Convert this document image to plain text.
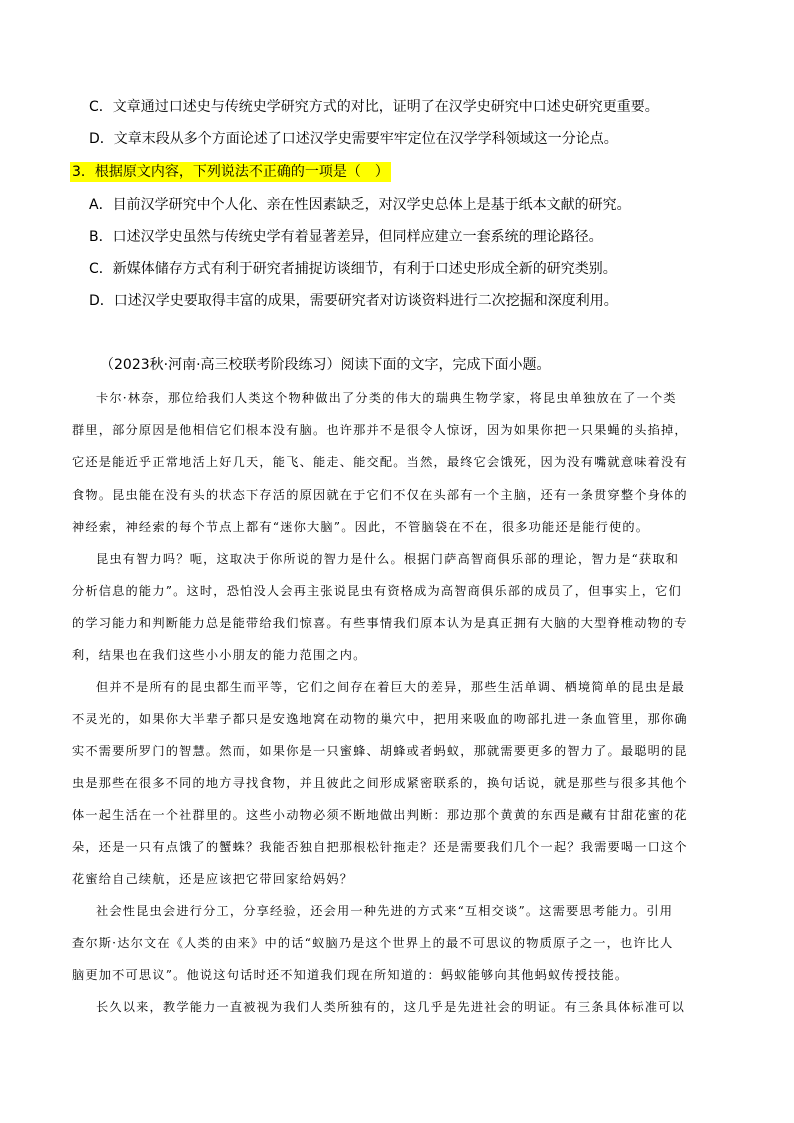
C．文章通过口述史与传统史学研究方式的对比，证明了在汉学史研究中口述史研究更重要。
D．文章末段从多个方面论述了口述汉学史需要牢牢定位在汉学学科领域这一分论点。
3．根据原文内容，下列说法不正确的一项是（　）
A．目前汉学研究中个人化、亲在性因素缺乏，对汉学史总体上是基于纸本文献的研究。
B．口述汉学史虽然与传统史学有着显著差异，但同样应建立一套系统的理论路径。
C．新媒体储存方式有利于研究者捕捉访谈细节，有利于口述史形成全新的研究类别。
D．口述汉学史要取得丰富的成果，需要研究者对访谈资料进行二次挖掘和深度利用。
（2023秋·河南·高三校联考阶段练习）阅读下面的文字，完成下面小题。
卡尔·林奈，那位给我们人类这个物种做出了分类的伟大的瑞典生物学家，将昆虫单独放在了一个类
群里，部分原因是他相信它们根本没有脑。也许那并不是很令人惊讶，因为如果你把一只果蝇的头掐掉，
它还是能近乎正常地活上好几天，能飞、能走、能交配。当然，最终它会饿死，因为没有嘴就意味着没有
食物。昆虫能在没有头的状态下存活的原因就在于它们不仅在头部有一个主脑，还有一条贯穿整个身体的
神经索，神经索的每个节点上都有“迷你大脑”。因此，不管脑袋在不在，很多功能还是能行使的。
昆虫有智力吗？呃，这取决于你所说的智力是什么。根据门萨高智商俱乐部的理论，智力是“获取和
分析信息的能力”。这时，恐怕没人会再主张说昆虫有资格成为高智商俱乐部的成员了，但事实上，它们
的学习能力和判断能力总是能带给我们惊喜。有些事情我们原本认为是真正拥有大脑的大型脊椎动物的专
利，结果也在我们这些小小朋友的能力范围之内。
但并不是所有的昆虫都生而平等，它们之间存在着巨大的差异，那些生活单调、栖境简单的昆虫是最
不灵光的，如果你大半辈子都只是安逸地窝在动物的巢穴中，把用来吸血的吻部扎进一条血管里，那你确
实不需要所罗门的智慧。然而，如果你是一只蜜蜂、胡蜂或者蚂蚁，那就需要更多的智力了。最聪明的昆
虫是那些在很多不同的地方寻找食物，并且彼此之间形成紧密联系的，换句话说，就是那些与很多其他个
体一起生活在一个社群里的。这些小动物必须不断地做出判断：那边那个黄黄的东西是藏有甘甜花蜜的花
朵，还是一只有点饿了的蟹蛛？我能否独自把那根松针拖走？还是需要我们几个一起？我需要喝一口这个
花蜜给自己续航，还是应该把它带回家给妈妈？
社会性昆虫会进行分工，分享经验，还会用一种先进的方式来“互相交谈”。这需要思考能力。引用
查尔斯·达尔文在《人类的由来》中的话“蚁脑乃是这个世界上的最不可思议的物质原子之一，也许比人
脑更加不可思议”。他说这句话时还不知道我们现在所知道的：蚂蚁能够向其他蚂蚁传授技能。
长久以来，教学能力一直被视为我们人类所独有的，这几乎是先进社会的明证。有三条具体标准可以
